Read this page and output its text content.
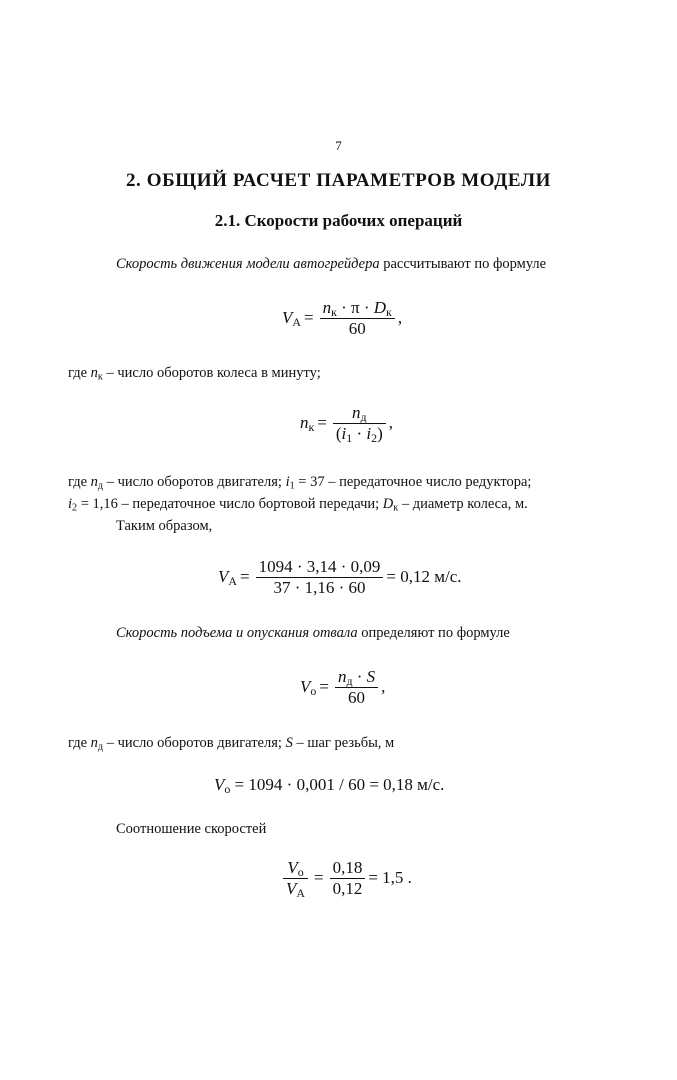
7
2. ОБЩИЙ РАСЧЕТ ПАРАМЕТРОВ МОДЕЛИ
2.1. Скорости рабочих операций
Скорость движения модели автогрейдера рассчитывают по формуле
$V_А = \frac{n_к \cdot \pi \cdot D_к}{60}$ ,
где $n_к$ – число оборотов колеса в минуту;
$n_к = \frac{n_д}{(i_1 \cdot i_2)}$ ,
где $n_д$ – число оборотов двигателя; $i_1 = 37$ – передаточное число редуктора;
$i_2 = 1,16$ – передаточное число бортовой передачи; $D_к$ – диаметр колеса, м.
Таким образом,
$V_А = \frac{1094 \cdot 3,14 \cdot 0,09}{37 \cdot 1,16 \cdot 60} = 0,12$ м/с.
Скорость подъема и опускания отвала определяют по формуле
$V_о = \frac{n_д \cdot S}{60}$ ,
где $n_д$ – число оборотов двигателя; S – шаг резьбы, м
$V_о = 1094 \cdot 0,001 / 60 = 0,18$ м/с.
Соотношение скоростей
$\frac{V_о}{V_А} = \frac{0,18}{0,12} = 1,5$ .
